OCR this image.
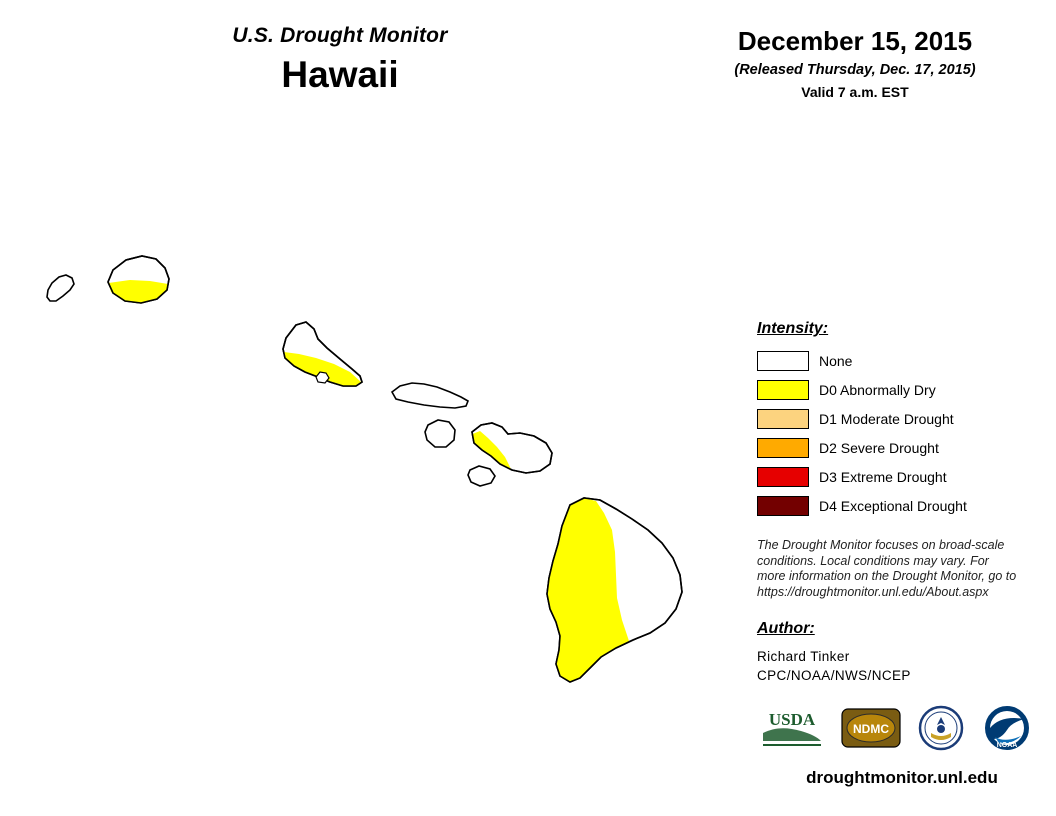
U.S. Drought Monitor
Hawaii
December 15, 2015
(Released Thursday, Dec. 17, 2015)
Valid 7 a.m. EST
Intensity:
None
D0 Abnormally Dry
D1 Moderate Drought
D2 Severe Drought
D3 Extreme Drought
D4 Exceptional Drought
The Drought Monitor focuses on broad-scale conditions. Local conditions may vary. For more information on the Drought Monitor, go to https://droughtmonitor.unl.edu/About.aspx
Author:
Richard Tinker
CPC/NOAA/NWS/NCEP
USDA	NDMC
NOAA
droughtmonitor.unl.edu
